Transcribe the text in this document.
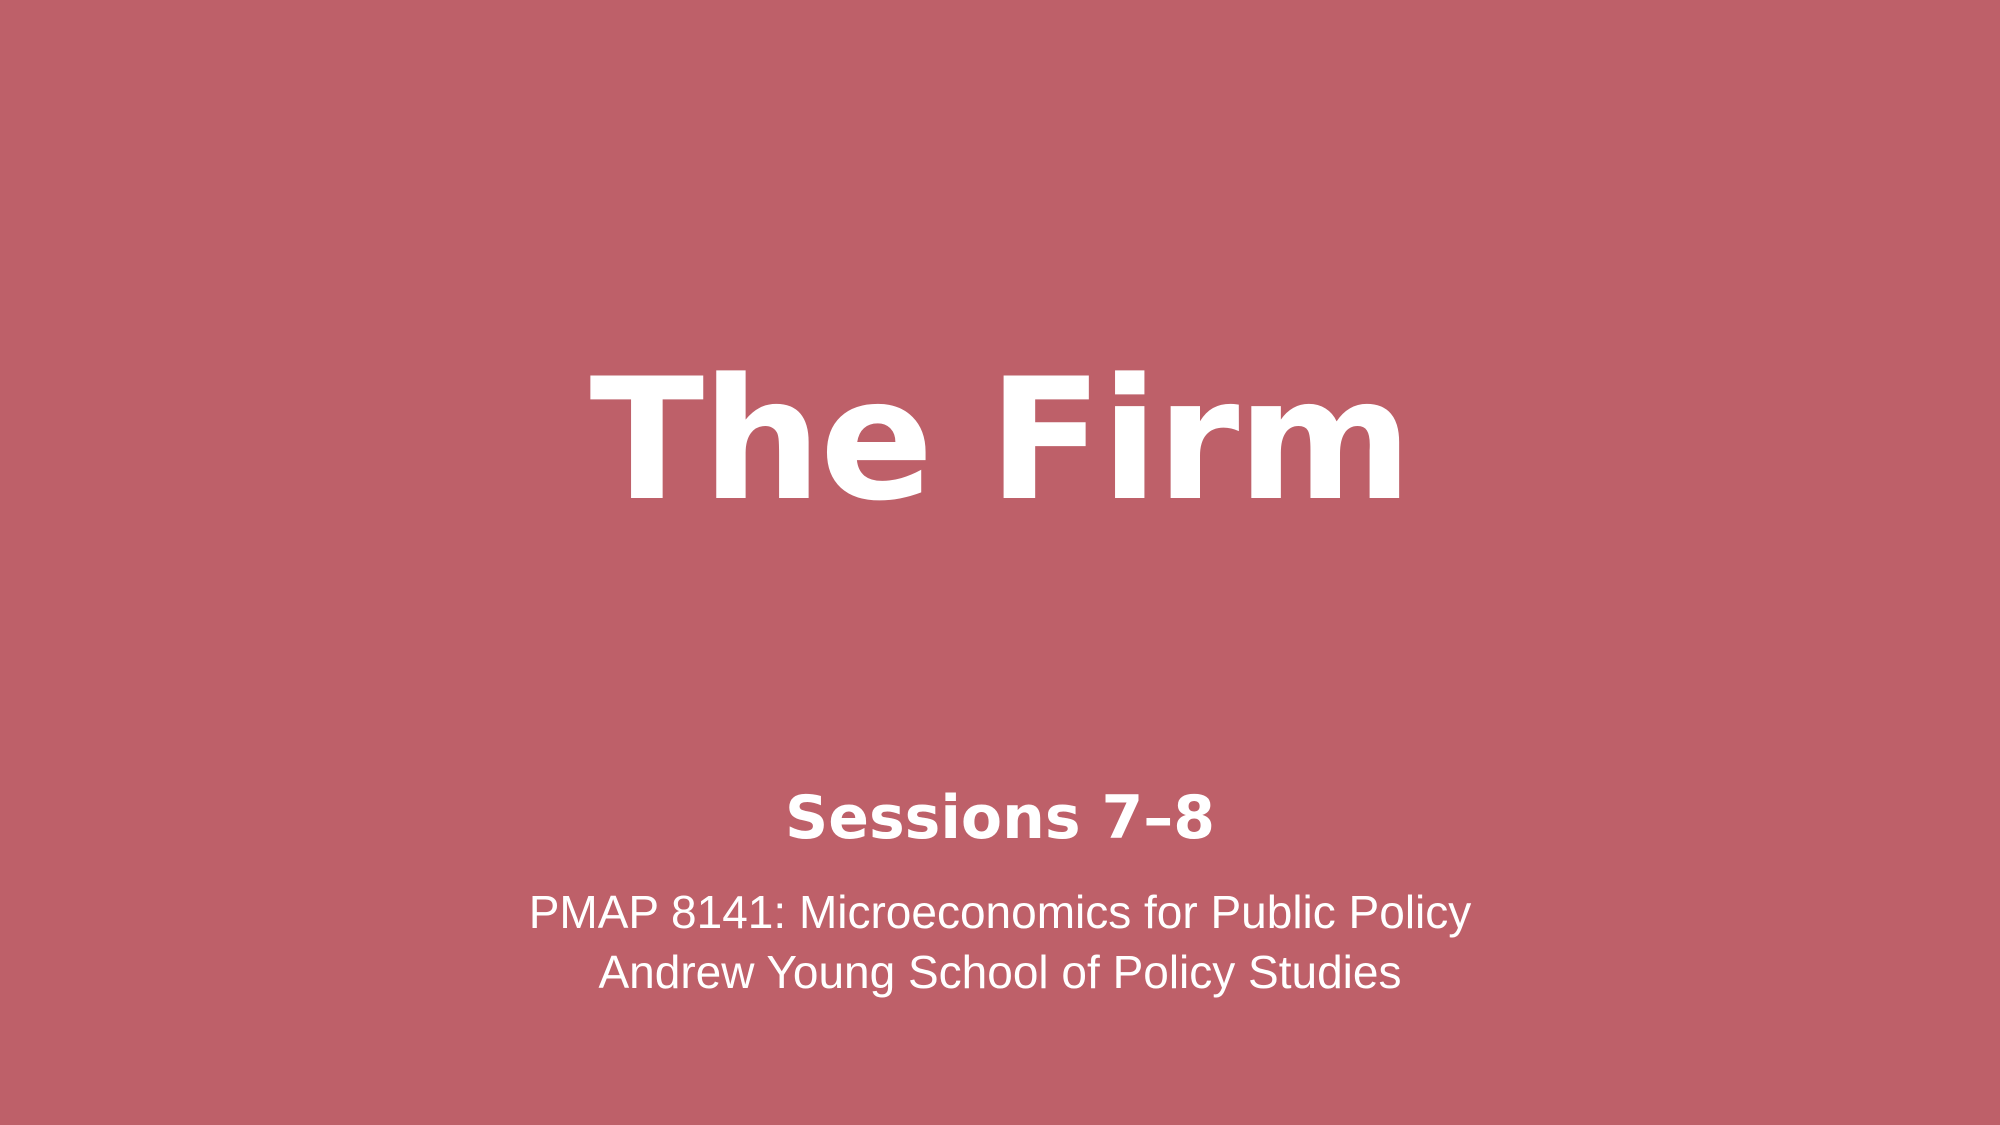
The Firm
Sessions 7–8
PMAP 8141: Microeconomics for Public Policy
Andrew Young School of Policy Studies
